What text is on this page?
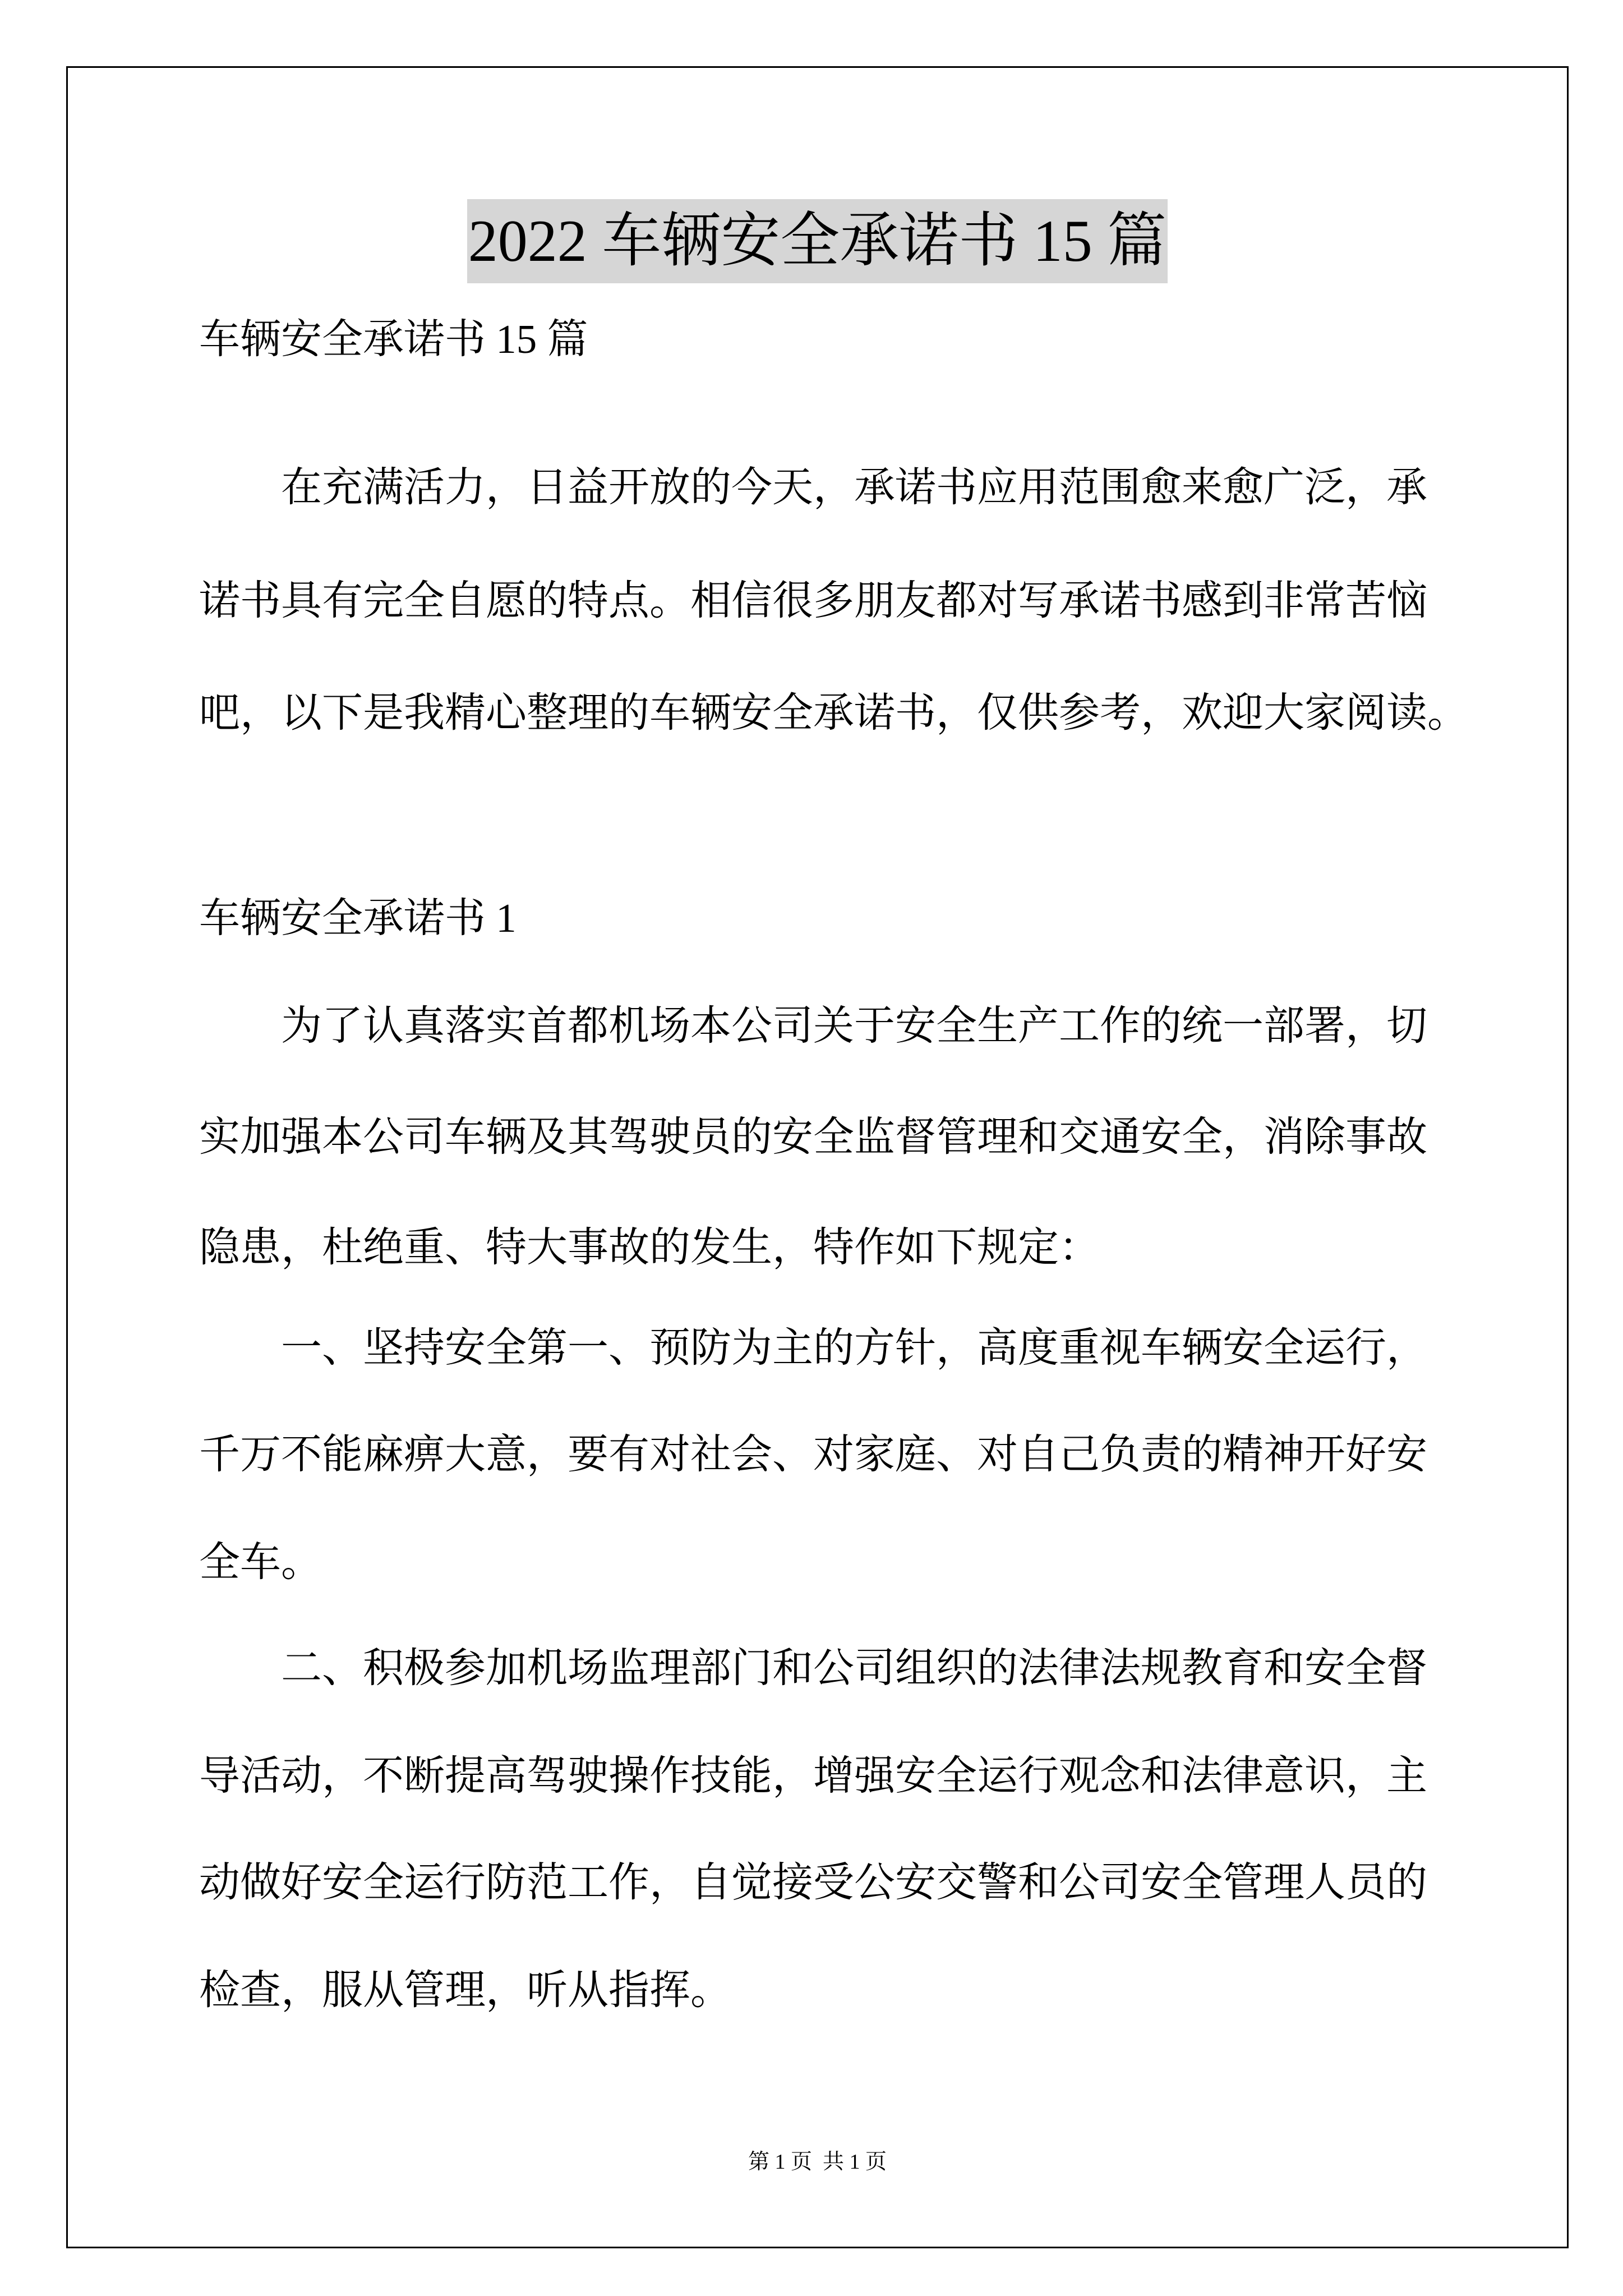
2022 车辆安全承诺书 15 篇
车辆安全承诺书 15 篇
在充满活力，日益开放的今天，承诺书应用范围愈来愈广泛，承
诺书具有完全自愿的特点。相信很多朋友都对写承诺书感到非常苦恼
吧，以下是我精心整理的车辆安全承诺书，仅供参考，欢迎大家阅读。
车辆安全承诺书 1
为了认真落实首都机场本公司关于安全生产工作的统一部署，切
实加强本公司车辆及其驾驶员的安全监督管理和交通安全，消除事故
隐患，杜绝重、特大事故的发生，特作如下规定：
一、坚持安全第一、预防为主的方针，高度重视车辆安全运行，
千万不能麻痹大意，要有对社会、对家庭、对自己负责的精神开好安
全车。
二、积极参加机场监理部门和公司组织的法律法规教育和安全督
导活动，不断提高驾驶操作技能，增强安全运行观念和法律意识，主
动做好安全运行防范工作，自觉接受公安交警和公司安全管理人员的
检查，服从管理，听从指挥。
第 1 页  共 1 页
